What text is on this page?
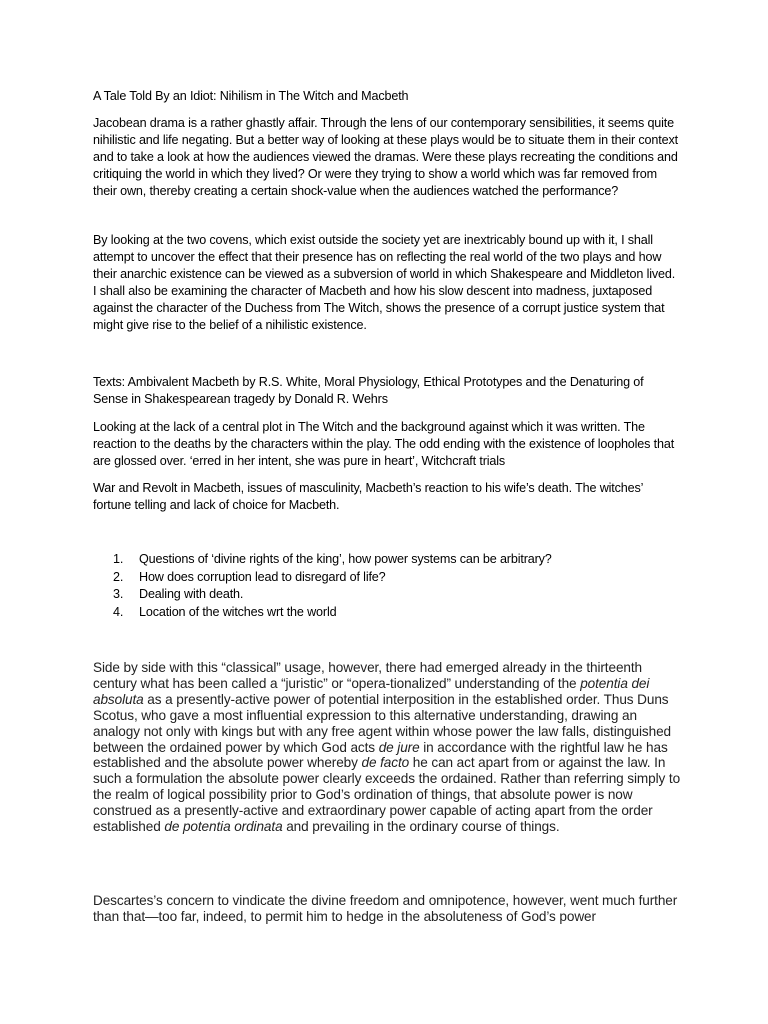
A Tale Told By an Idiot: Nihilism in The Witch and Macbeth

Jacobean drama is a rather ghastly affair. Through the lens of our contemporary sensibilities, it seems quite nihilistic and life negating. But a better way of looking at these plays would be to situate them in their context and to take a look at how the audiences viewed the dramas. Were these plays recreating the conditions and critiquing the world in which they lived? Or were they trying to show a world which was far removed from their own, thereby creating a certain shock-value when the audiences watched the performance?

By looking at the two covens, which exist outside the society yet are inextricably bound up with it, I shall attempt to uncover the effect that their presence has on reflecting the real world of the two plays and how their anarchic existence can be viewed as a subversion of world in which Shakespeare and Middleton lived. I shall also be examining the character of Macbeth and how his slow descent into madness, juxtaposed against the character of the Duchess from The Witch, shows the presence of a corrupt justice system that might give rise to the belief of a nihilistic existence.

Texts: Ambivalent Macbeth by R.S. White, Moral Physiology, Ethical Prototypes and the Denaturing of Sense in Shakespearean tragedy by Donald R. Wehrs

Looking at the lack of a central plot in The Witch and the background against which it was written. The reaction to the deaths by the characters within the play. The odd ending with the existence of loopholes that are glossed over. ‘erred in her intent, she was pure in heart’, Witchcraft trials

War and Revolt in Macbeth, issues of masculinity, Macbeth’s reaction to his wife’s death. The witches’ fortune telling and lack of choice for Macbeth.

1.	Questions of ‘divine rights of the king’, how power systems can be arbitrary?
2.	How does corruption lead to disregard of life?
3.	Dealing with death.
4.	Location of the witches wrt the world

Side by side with this “classical” usage, however, there had emerged already in the thirteenth century what has been called a “juristic” or “opera-tionalized” understanding of the potentia dei absoluta as a presently-active power of potential interposition in the established order. Thus Duns Scotus, who gave a most influential expression to this alternative understanding, drawing an analogy not only with kings but with any free agent within whose power the law falls, distinguished between the ordained power by which God acts de jure in accordance with the rightful law he has established and the absolute power whereby de facto he can act apart from or against the law. In such a formulation the absolute power clearly exceeds the ordained. Rather than referring simply to the realm of logical possibility prior to God’s ordination of things, that absolute power is now construed as a presently-active and extraordinary power capable of acting apart from the order established de potentia ordinata and prevailing in the ordinary course of things.

Descartes’s concern to vindicate the divine freedom and omnipotence, however, went much further than that—too far, indeed, to permit him to hedge in the absoluteness of God’s power
